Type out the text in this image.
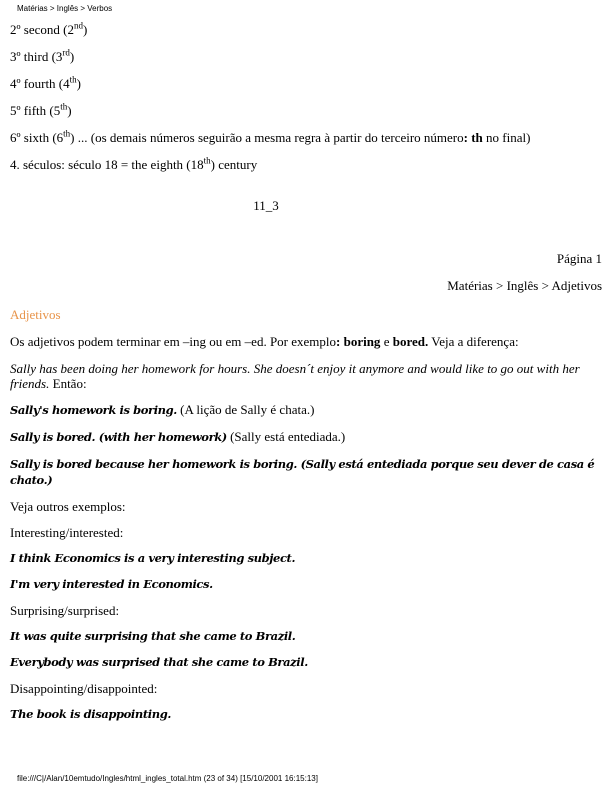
Matérias > Inglês > Verbos

2º second (2nd)

3º third (3rd)

4º fourth (4th)

5º fifth (5th)

6º sixth (6th) ... (os demais números seguirão a mesma regra à partir do terceiro número: th no final)

4. séculos: século 18 = the eighth (18th) century

11_3

Página 1

Matérias > Inglês > Adjetivos

Adjetivos

Os adjetivos podem terminar em –ing ou em –ed. Por exemplo: boring e bored. Veja a diferença:

Sally has been doing her homework for hours. She doesn´t enjoy it anymore and would like to go out with her friends. Então:

Sally's homework is boring. (A lição de Sally é chata.)

Sally is bored. (with her homework) (Sally está entediada.)

Sally is bored because her homework is boring. (Sally está entediada porque seu dever de casa é chato.)

Veja outros exemplos:

Interesting/interested:

I think Economics is a very interesting subject.

I'm very interested in Economics.

Surprising/surprised:

It was quite surprising that she came to Brazil.

Everybody was surprised that she came to Brazil.

Disappointing/disappointed:

The book is disappointing.

file:///C|/Alan/10emtudo/Ingles/html_ingles_total.htm (23 of 34) [15/10/2001 16:15:13]
